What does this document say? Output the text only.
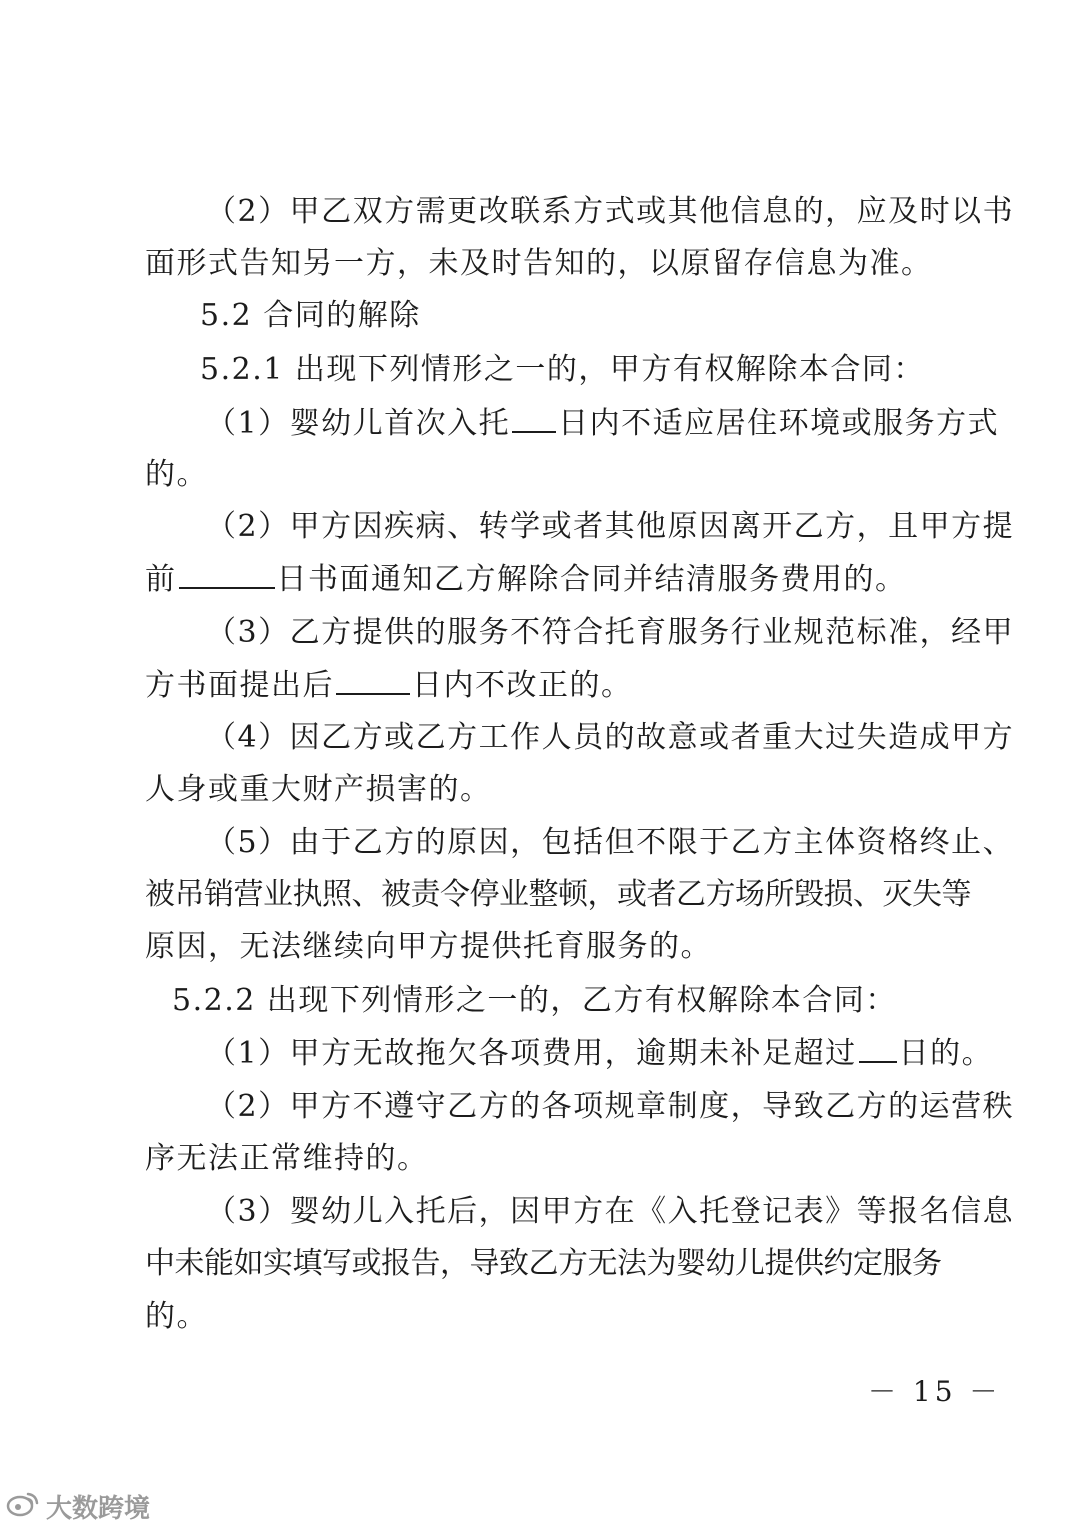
（2）甲乙双方需更改联系方式或其他信息的，应及时以书
面形式告知另一方，未及时告知的，以原留存信息为准。
5.2 合同的解除
5.2.1 出现下列情形之一的，甲方有权解除本合同：
（1）婴幼儿首次入托 日内不适应居住环境或服务方式
的。
（2）甲方因疾病、转学或者其他原因离开乙方，且甲方提
前	日书面通知乙方解除合同并结清服务费用的。
（3）乙方提供的服务不符合托育服务行业规范标准，经甲
方书面提出后	日内不改正的。
（4）因乙方或乙方工作人员的故意或者重大过失造成甲方
人身或重大财产损害的。
（5）由于乙方的原因，包括但不限于乙方主体资格终止、
被吊销营业执照、被责令停业整顿，或者乙方场所毁损、灭失等
原因，无法继续向甲方提供托育服务的。
5.2.2 出现下列情形之一的，乙方有权解除本合同：
（1）甲方无故拖欠各项费用，逾期未补足超过 日的。
（2）甲方不遵守乙方的各项规章制度，导致乙方的运营秩
序无法正常维持的。
（3）婴幼儿入托后，因甲方在《入托登记表》等报名信息
中未能如实填写或报告，导致乙方无法为婴幼儿提供约定服务
的。
－ 15 －
大数跨境
